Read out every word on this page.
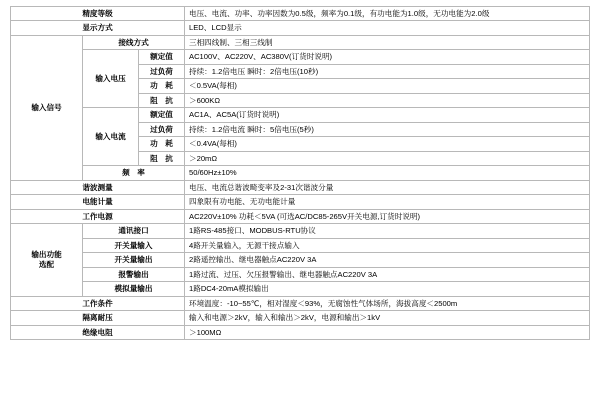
精度等级			电压、电流、功率、功率因数为0.5级，频率为0.1级，有功电能为1.0级，无功电能为2.0级
显示方式			LED、LCD显示
输入信号	接线方式		三相四线制、三相三线制
	输入电压	额定值	AC100V、AC220V、AC380V(订货时说明)
		过负荷	持续：1.2倍电压 瞬时：2倍电压(10秒)
		功　耗	＜0.5VA(每相)
		阻　抗	＞600KΩ
	输入电流	额定值	AC1A、AC5A(订货时说明)
		过负荷	持续：1.2倍电流 瞬时：5倍电压(5秒)
		功　耗	＜0.4VA(每相)
		阻　抗	＞20mΩ
	频　率		50/60Hz±10%
谐波测量			电压、电流总谐波畸变率及2-31次谐波分量
电能计量			四象限有功电能、无功电能计量
工作电源			AC220V±10% 功耗＜5VA (可选AC/DC85-265V开关电源,订货时说明)

输出功能
选配	通讯接口		1路RS-485接口、MODBUS-RTU协议
	开关量输入		4路开关量输入，无源干接点输入
	开关量输出		2路遥控输出、继电器触点AC220V 3A
	报警输出		1路过流、过压、欠压报警输出、继电器触点AC220V 3A
	模拟量输出		1路DC4-20mA模拟输出
工作条件			环境温度：-10~55℃，相对湿度＜93%，无腐蚀性气体场所，海拔高度＜2500m
隔离耐压			输入和电源＞2kV，输入和输出＞2kV，电源和输出＞1kV
绝缘电阻			＞100MΩ
